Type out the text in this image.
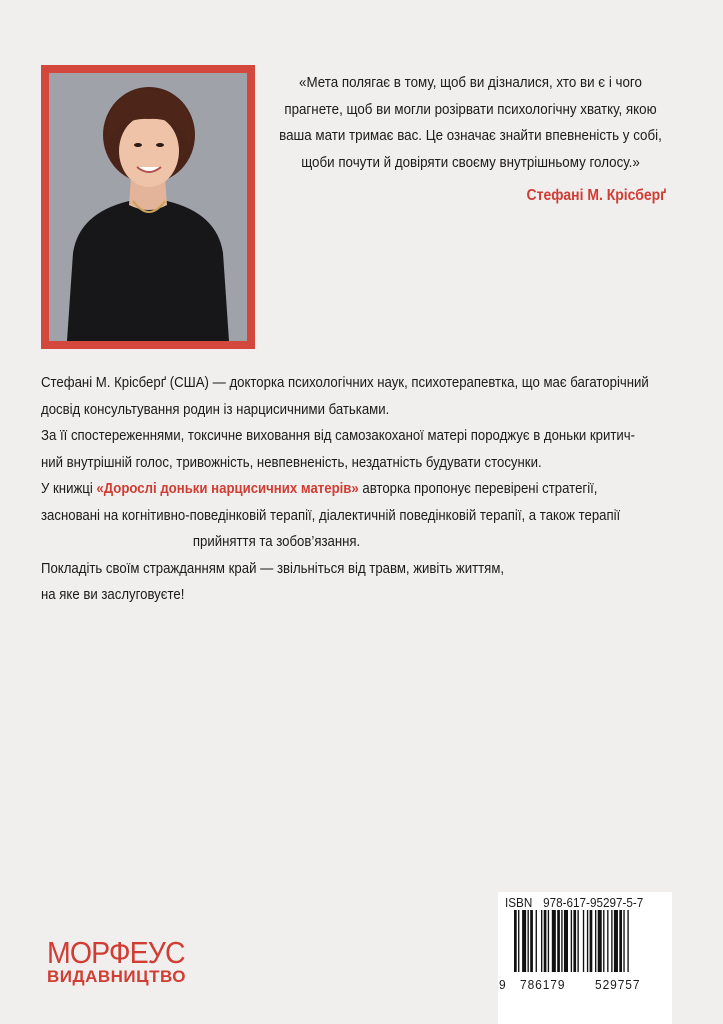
«Мета полягає в тому, щоб ви дізналися, хто ви є і чого
прагнете, щоб ви могли розірвати психологічну хватку, якою
ваша мати тримає вас. Це означає знайти впевненість у собі,
щоби почути й довіряти своєму внутрішньому голосу.»
Стефані М. Крісберґ
Стефані М. Крісберґ (США) — докторка психологічних наук, психотерапевтка, що має багаторічний
досвід консультування родин із нарцисичними батьками.
За її спостереженнями, токсичне виховання від самозакоханої матері породжує в доньки критич-
ний внутрішній голос, тривожність, невпевненість, нездатність будувати стосунки.
У книжці «Дорослі доньки нарцисичних матерів» авторка пропонує перевірені стратегії,
засновані на когнітивно-поведінковій терапії, діалектичній поведінковій терапії, а також терапії
прийняття та зобов’язання.
Покладіть своїм стражданням край — звільніться від травм, живіть життям,
на яке ви заслуговуєте!
МОРФЕУС
ВИДАВНИЦТВО
ISBN 978-617-95297-5-7
9 786179 529757
